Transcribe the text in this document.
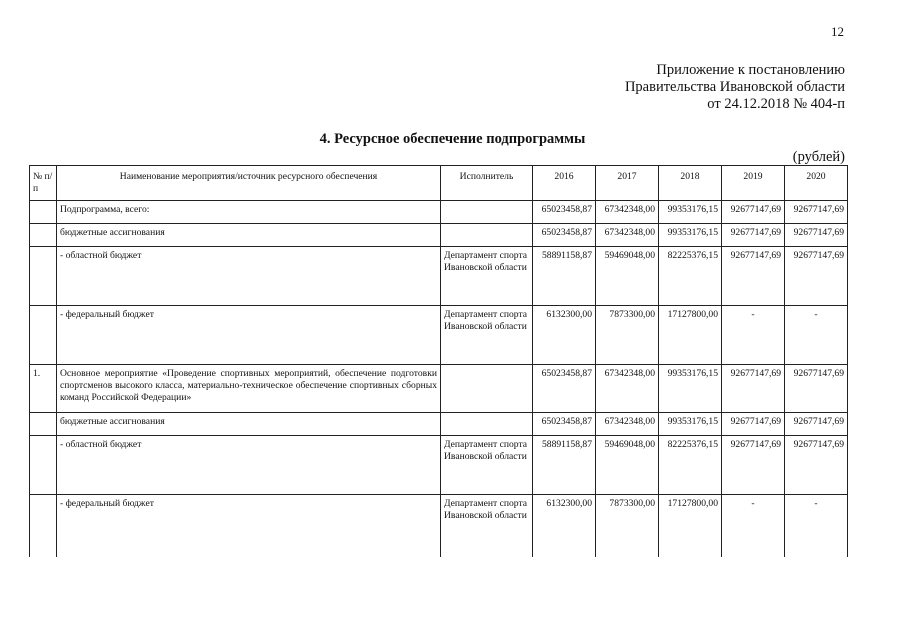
12
Приложение к постановлению
Правительства Ивановской области
от 24.12.2018 № 404-п
4. Ресурсное обеспечение подпрограммы
(рублей)
№ п/п	Наименование мероприятия/источник ресурсного обеспечения	Исполнитель	2016	2017	2018	2019	2020
	Подпрограмма, всего:		65023458,87	67342348,00	99353176,15	92677147,69	92677147,69
	бюджетные ассигнования		65023458,87	67342348,00	99353176,15	92677147,69	92677147,69
	- областной бюджет	Департамент спорта Ивановской области	58891158,87	59469048,00	82225376,15	92677147,69	92677147,69
	- федеральный бюджет	Департамент спорта Ивановской области	6132300,00	7873300,00	17127800,00	-	-
1.	Основное мероприятие «Проведение спортивных мероприятий, обеспечение подготовки спортсменов высокого класса, материально-техническое обеспечение спортивных сборных команд Российской Федерации»		65023458,87	67342348,00	99353176,15	92677147,69	92677147,69
	бюджетные ассигнования		65023458,87	67342348,00	99353176,15	92677147,69	92677147,69
	- областной бюджет	Департамент спорта Ивановской области	58891158,87	59469048,00	82225376,15	92677147,69	92677147,69
	- федеральный бюджет	Департамент спорта Ивановской области	6132300,00	7873300,00	17127800,00	-	-
